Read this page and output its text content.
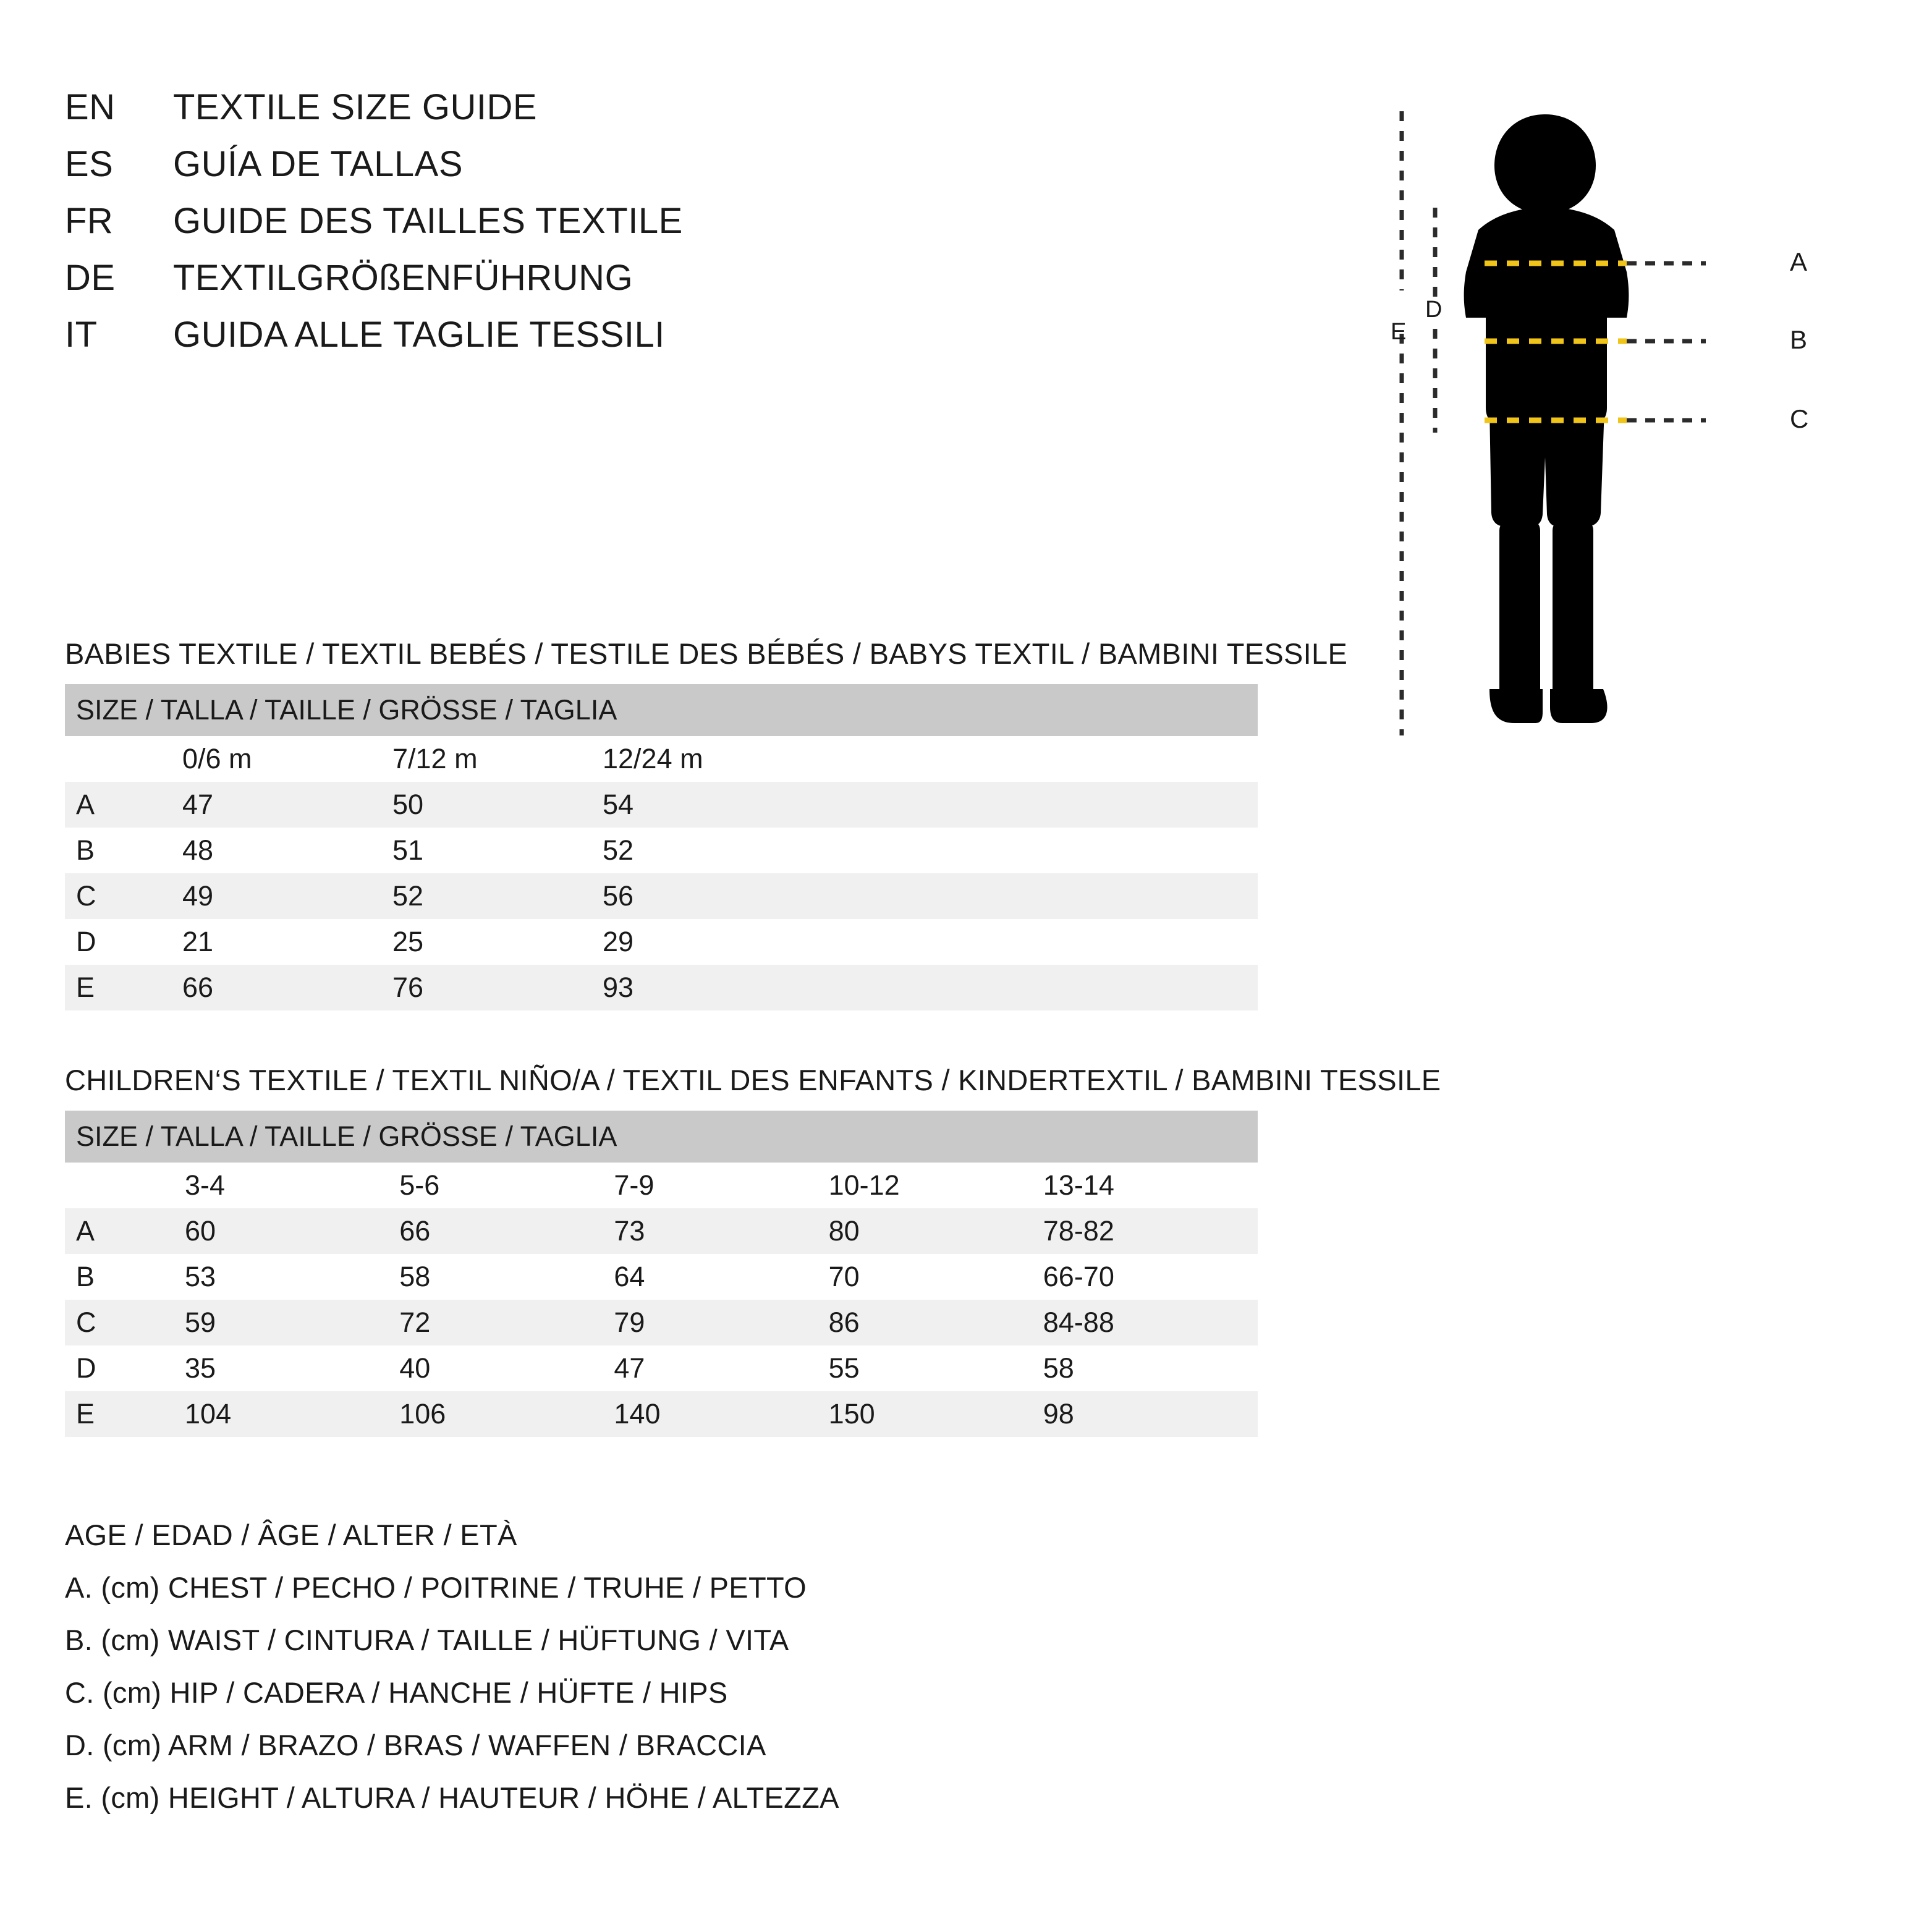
EN	TEXTILE SIZE GUIDE
ES	GUÍA DE TALLAS
FR	GUIDE DES TAILLES TEXTILE
DE	TEXTILGRÖßENFÜHRUNG
IT	GUIDA ALLE TAGLIE TESSILI
A
B
C
D
E
BABIES TEXTILE / TEXTIL BEBÉS / TESTILE DES BÉBÉS / BABYS TEXTIL / BAMBINI TESSILE
SIZE / TALLA / TAILLE / GRÖSSE / TAGLIA				
	0/6 m	7/12 m	12/24 m	
A	47	50	54	
B	48	51	52	
C	49	52	56	
D	21	25	29	
E	66	76	93	
CHILDREN‘S TEXTILE / TEXTIL NIÑO/A / TEXTIL DES ENFANTS / KINDERTEXTIL / BAMBINI TESSILE
SIZE / TALLA / TAILLE / GRÖSSE / TAGLIA					
	3-4	5-6	7-9	10-12	13-14
A	60	66	73	80	78-82
B	53	58	64	70	66-70
C	59	72	79	86	84-88
D	35	40	47	55	58
E	104	106	140	150	98
AGE / EDAD / ÂGE / ALTER / ETÀ
A. (cm) CHEST / PECHO / POITRINE / TRUHE / PETTO
B. (cm) WAIST / CINTURA / TAILLE / HÜFTUNG / VITA
C. (cm) HIP / CADERA / HANCHE / HÜFTE / HIPS
D. (cm) ARM / BRAZO / BRAS / WAFFEN / BRACCIA
E. (cm) HEIGHT / ALTURA / HAUTEUR / HÖHE / ALTEZZA
